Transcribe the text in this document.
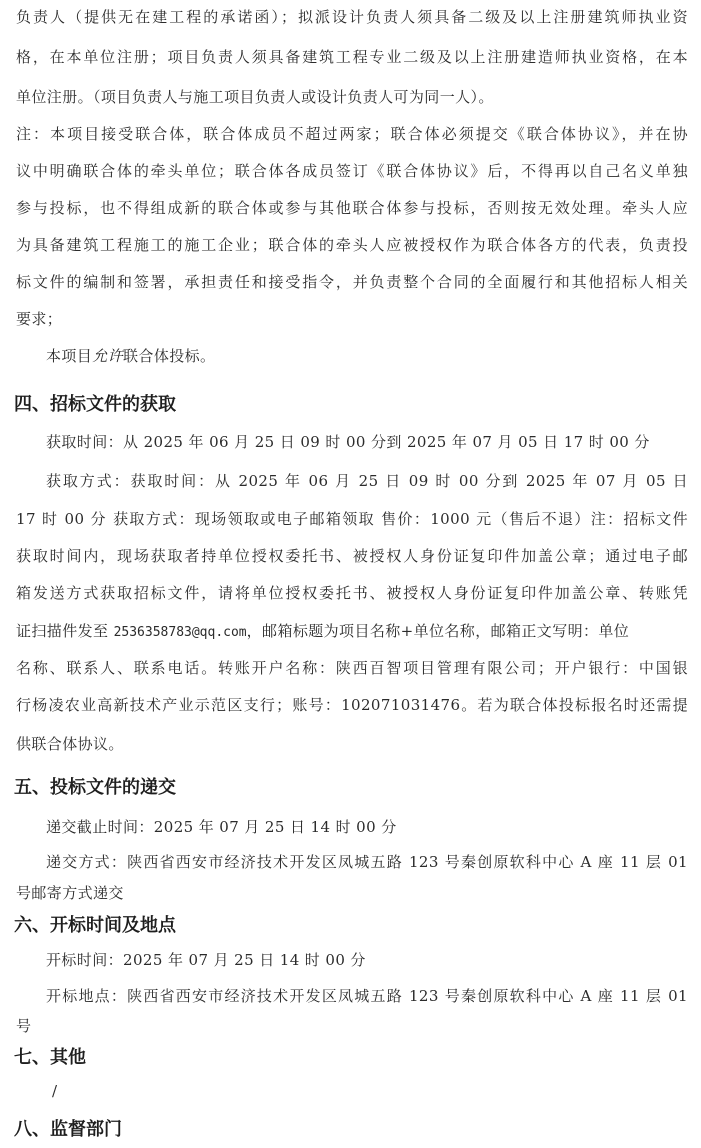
负责人（提供无在建工程的承诺函）；拟派设计负责人须具备二级及以上注册建筑师执业资
格，在本单位注册；项目负责人须具备建筑工程专业二级及以上注册建造师执业资格，在本
单位注册。（项目负责人与施工项目负责人或设计负责人可为同一人）。
注：本项目接受联合体，联合体成员不超过两家；联合体必须提交《联合体协议》，并在协
议中明确联合体的牵头单位；联合体各成员签订《联合体协议》后，不得再以自己名义单独
参与投标，也不得组成新的联合体或参与其他联合体参与投标，否则按无效处理。牵头人应
为具备建筑工程施工的施工企业；联合体的牵头人应被授权作为联合体各方的代表，负责投
标文件的编制和签署，承担责任和接受指令，并负责整个合同的全面履行和其他招标人相关
要求；
本项目允许联合体投标。
四、招标文件的获取
获取时间：从 2025 年 06 月 25 日 09 时 00 分到 2025 年 07 月 05 日 17 时 00 分
获取方式：获取时间：从 2025 年 06 月 25 日 09 时 00 分到 2025 年 07 月 05 日
17 时 00 分 获取方式：现场领取或电子邮箱领取 售价：1000 元（售后不退）注：招标文件
获取时间内，现场获取者持单位授权委托书、被授权人身份证复印件加盖公章；通过电子邮
箱发送方式获取招标文件，请将单位授权委托书、被授权人身份证复印件加盖公章、转账凭
证扫描件发至 2536358783@qq.com，邮箱标题为项目名称+单位名称，邮箱正文写明：单位
名称、联系人、联系电话。转账开户名称：陕西百智项目管理有限公司；开户银行：中国银
行杨凌农业高新技术产业示范区支行；账号：102071031476。若为联合体投标报名时还需提
供联合体协议。
五、投标文件的递交
递交截止时间：2025 年 07 月 25 日 14 时 00 分
递交方式：陕西省西安市经济技术开发区凤城五路 123 号秦创原软科中心 A 座 11 层 01
号邮寄方式递交
六、开标时间及地点
开标时间：2025 年 07 月 25 日 14 时 00 分
开标地点：陕西省西安市经济技术开发区凤城五路 123 号秦创原软科中心 A 座 11 层 01
号
七、其他
/
八、监督部门
